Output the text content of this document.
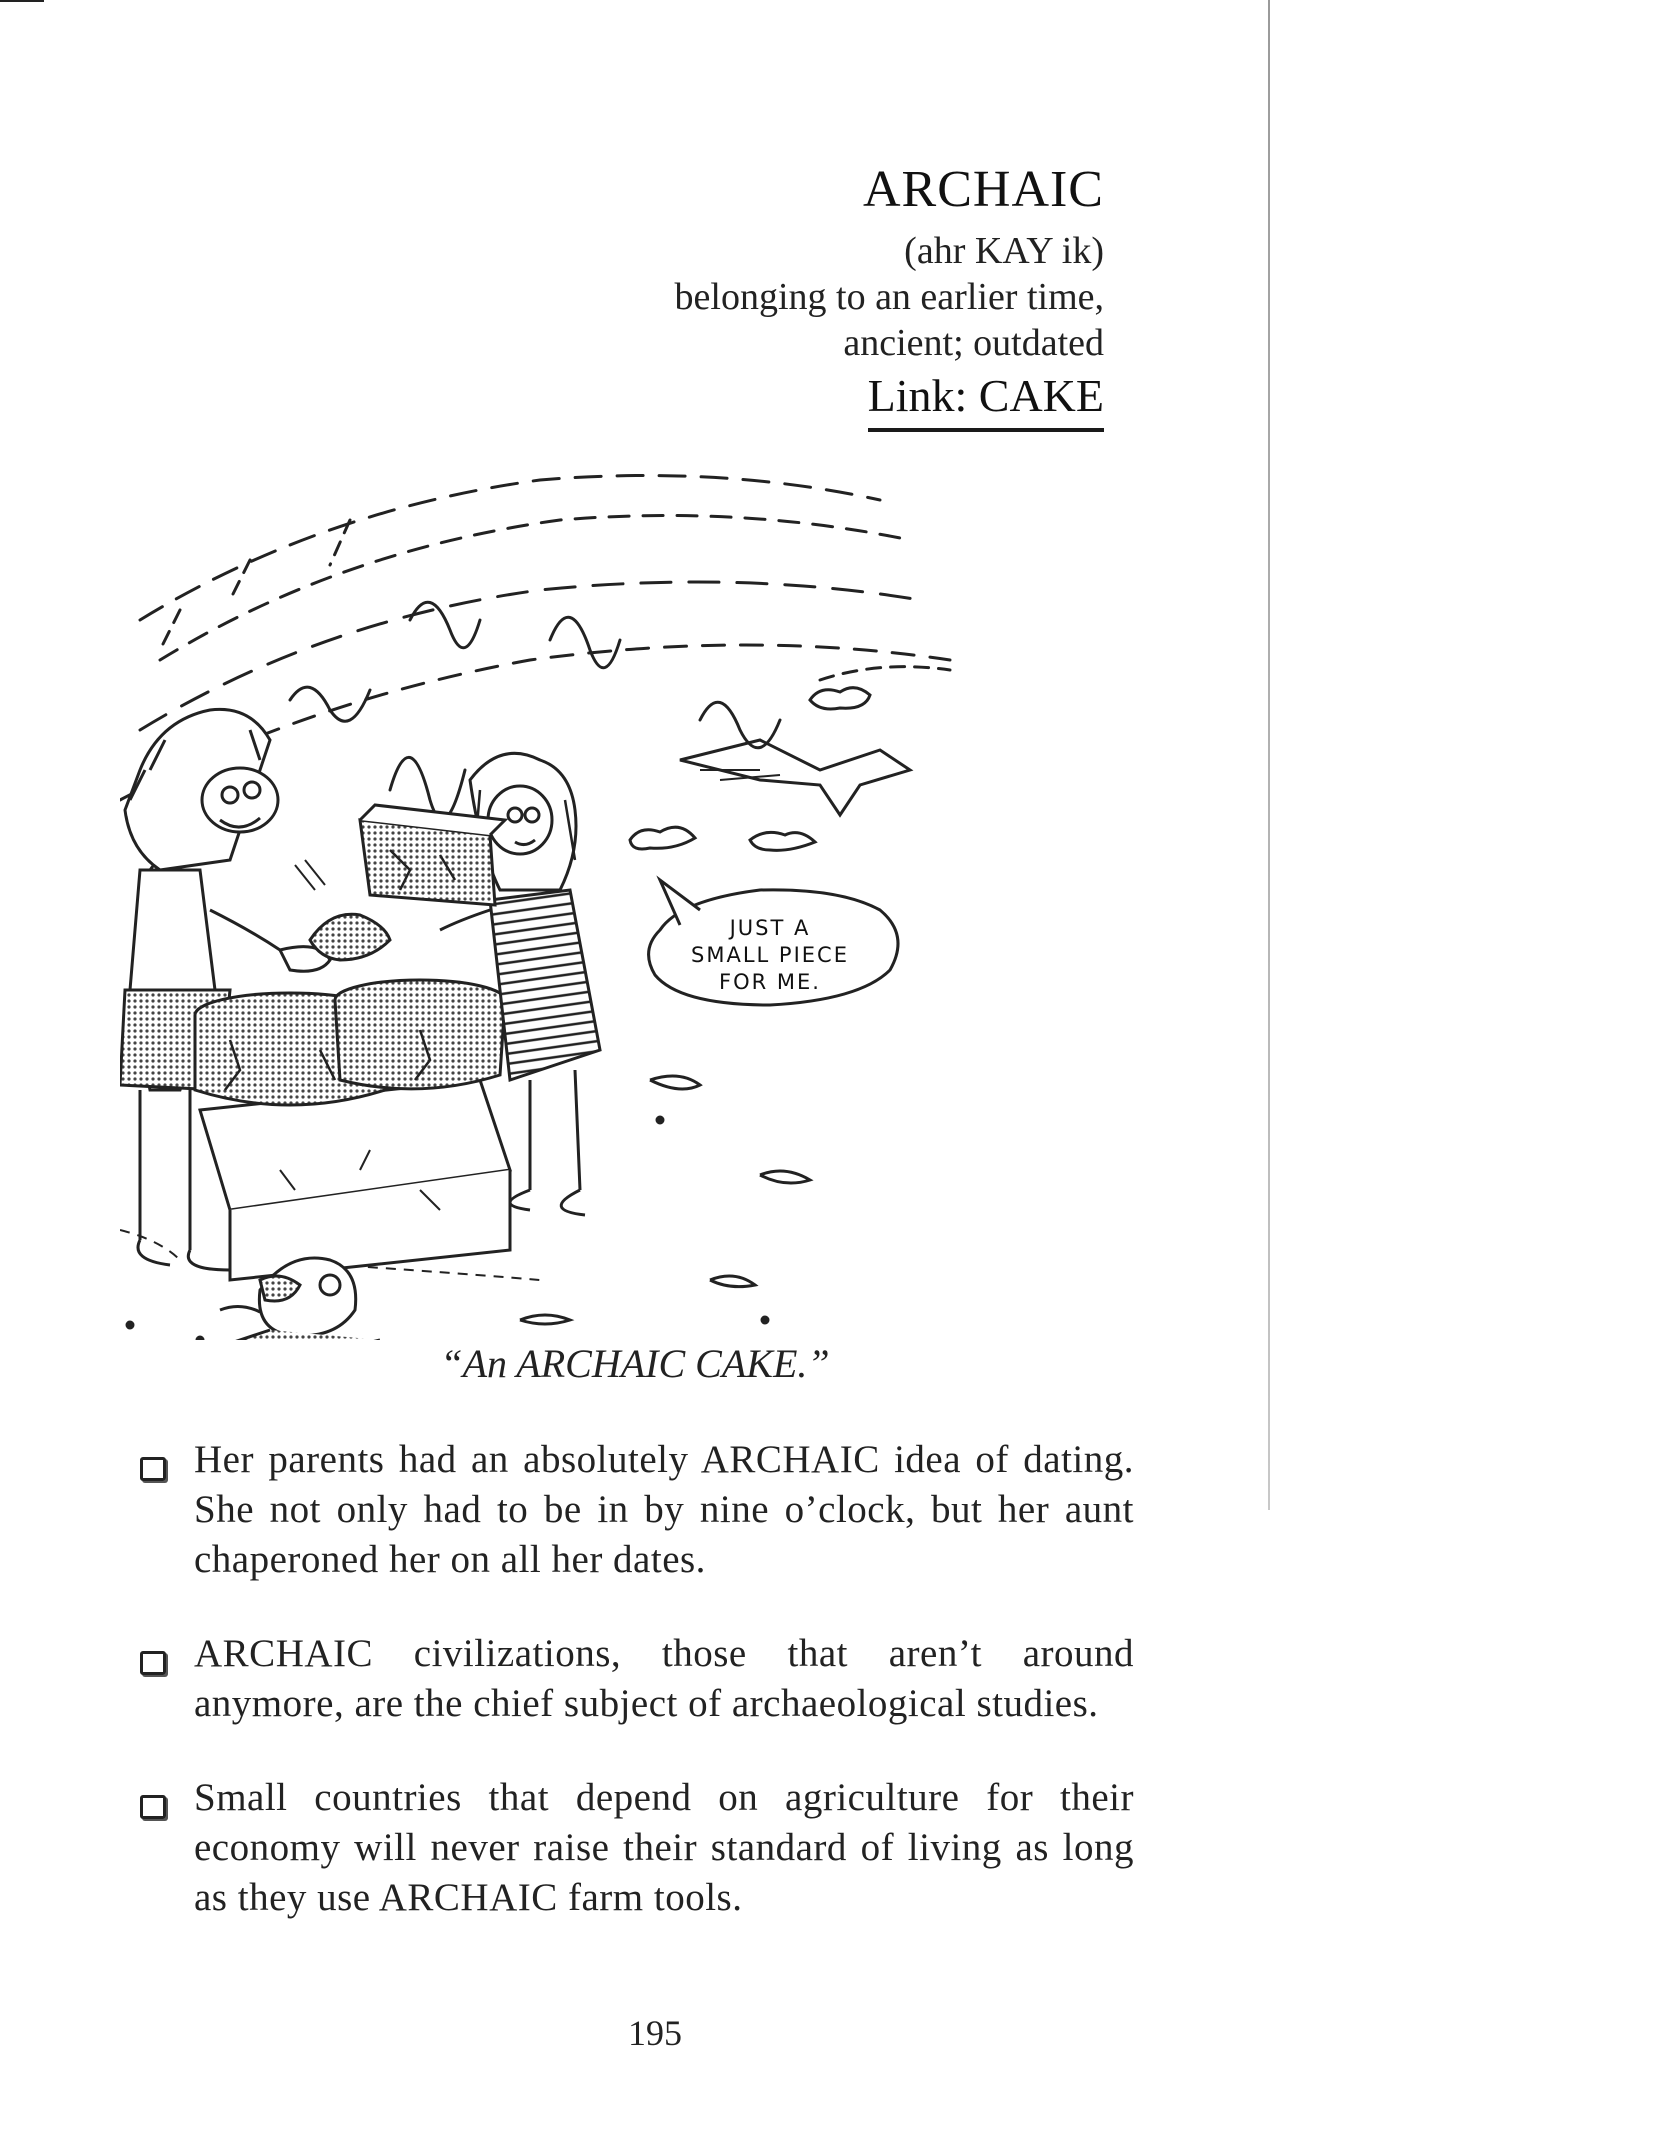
ARCHAIC
(ahr KAY ik)
belonging to an earlier time,
ancient; outdated
Link: CAKE
JUST A
SMALL PIECE
FOR ME.
“An ARCHAIC CAKE.”
Her parents had an absolutely ARCHAIC idea of dating. She not only had to be in by nine o’clock, but her aunt chaperoned her on all her dates.
ARCHAIC civilizations, those that aren’t around anymore, are the chief subject of archaeological studies.
Small countries that depend on agriculture for their economy will never raise their standard of living as long as they use ARCHAIC farm tools.
195
